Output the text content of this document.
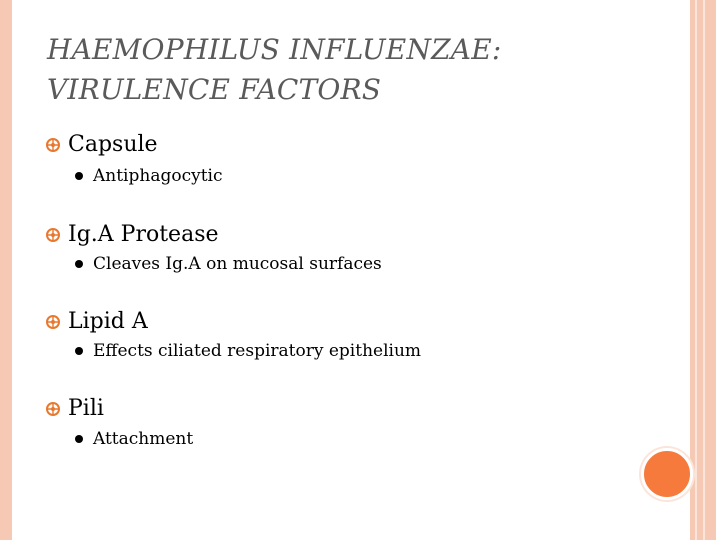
HAEMOPHILUS INFLUENZAE:
VIRULENCE FACTORS
Capsule
Antiphagocytic
Ig.A Protease
Cleaves Ig.A on mucosal surfaces
Lipid A
Effects ciliated respiratory epithelium
Pili
Attachment
